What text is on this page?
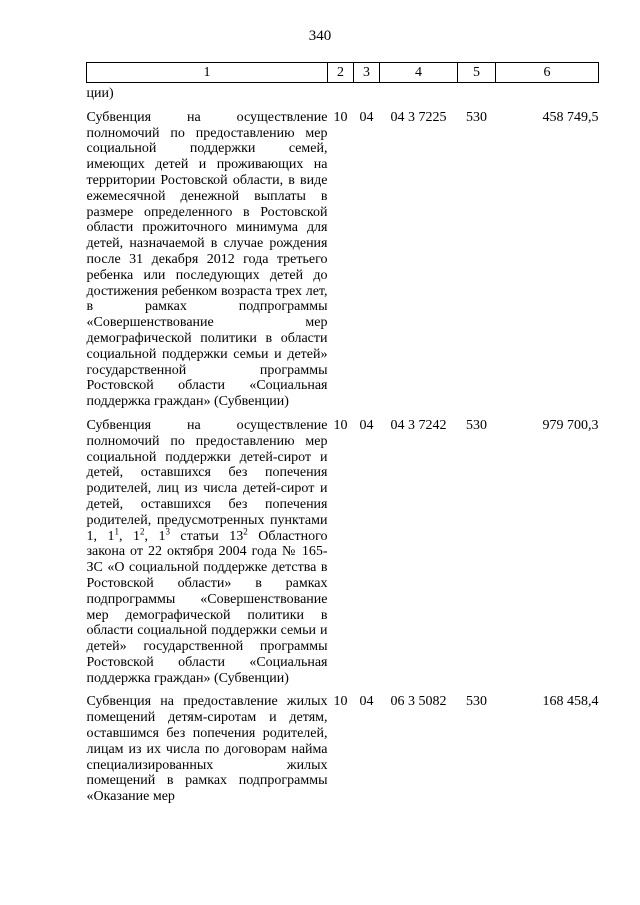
340
1	2	3	4	5	6
ции)					

Субвенция на осуществление полномочий по предоставлению мер социальной поддержки семей, имеющих детей и проживающих на территории Ростовской области, в виде ежемесячной денежной выплаты в размере определенного в Ростовской области прожиточного минимума для детей, назначаемой в случае рождения после 31 декабря 2012 года третьего ребенка или последующих детей до достижения ребенком возраста трех лет, в рамках подпрограммы «Совершенствование мер демографической политики в области социальной поддержки семьи и детей» государственной программы Ростовской области «Социальная поддержка граждан» (Субвенции)	10	04	04 3 7225	530	458 749,5

Субвенция на осуществление полномочий по предоставлению мер социальной поддержки детей-сирот и детей, оставшихся без попечения родителей, лиц из числа детей-сирот и детей, оставшихся без попечения родителей, предусмотренных пунктами 1, $1^1$, $1^2$, $1^3$ статьи $13^2$ Областного закона от 22 октября 2004 года № 165-ЗС «О социальной поддержке детства в Ростовской области» в рамках подпрограммы «Совершенствование мер демографической политики в области социальной поддержки семьи и детей» государственной программы Ростовской области «Социальная поддержка граждан» (Субвенции)	10	04	04 3 7242	530	979 700,3

Субвенция на предоставление жилых помещений детям-сиротам и детям, оставшимся без попечения родителей, лицам из их числа по договорам найма специализированных жилых помещений в рамках подпрограммы «Оказание мер	10	04	06 3 5082	530	168 458,4
